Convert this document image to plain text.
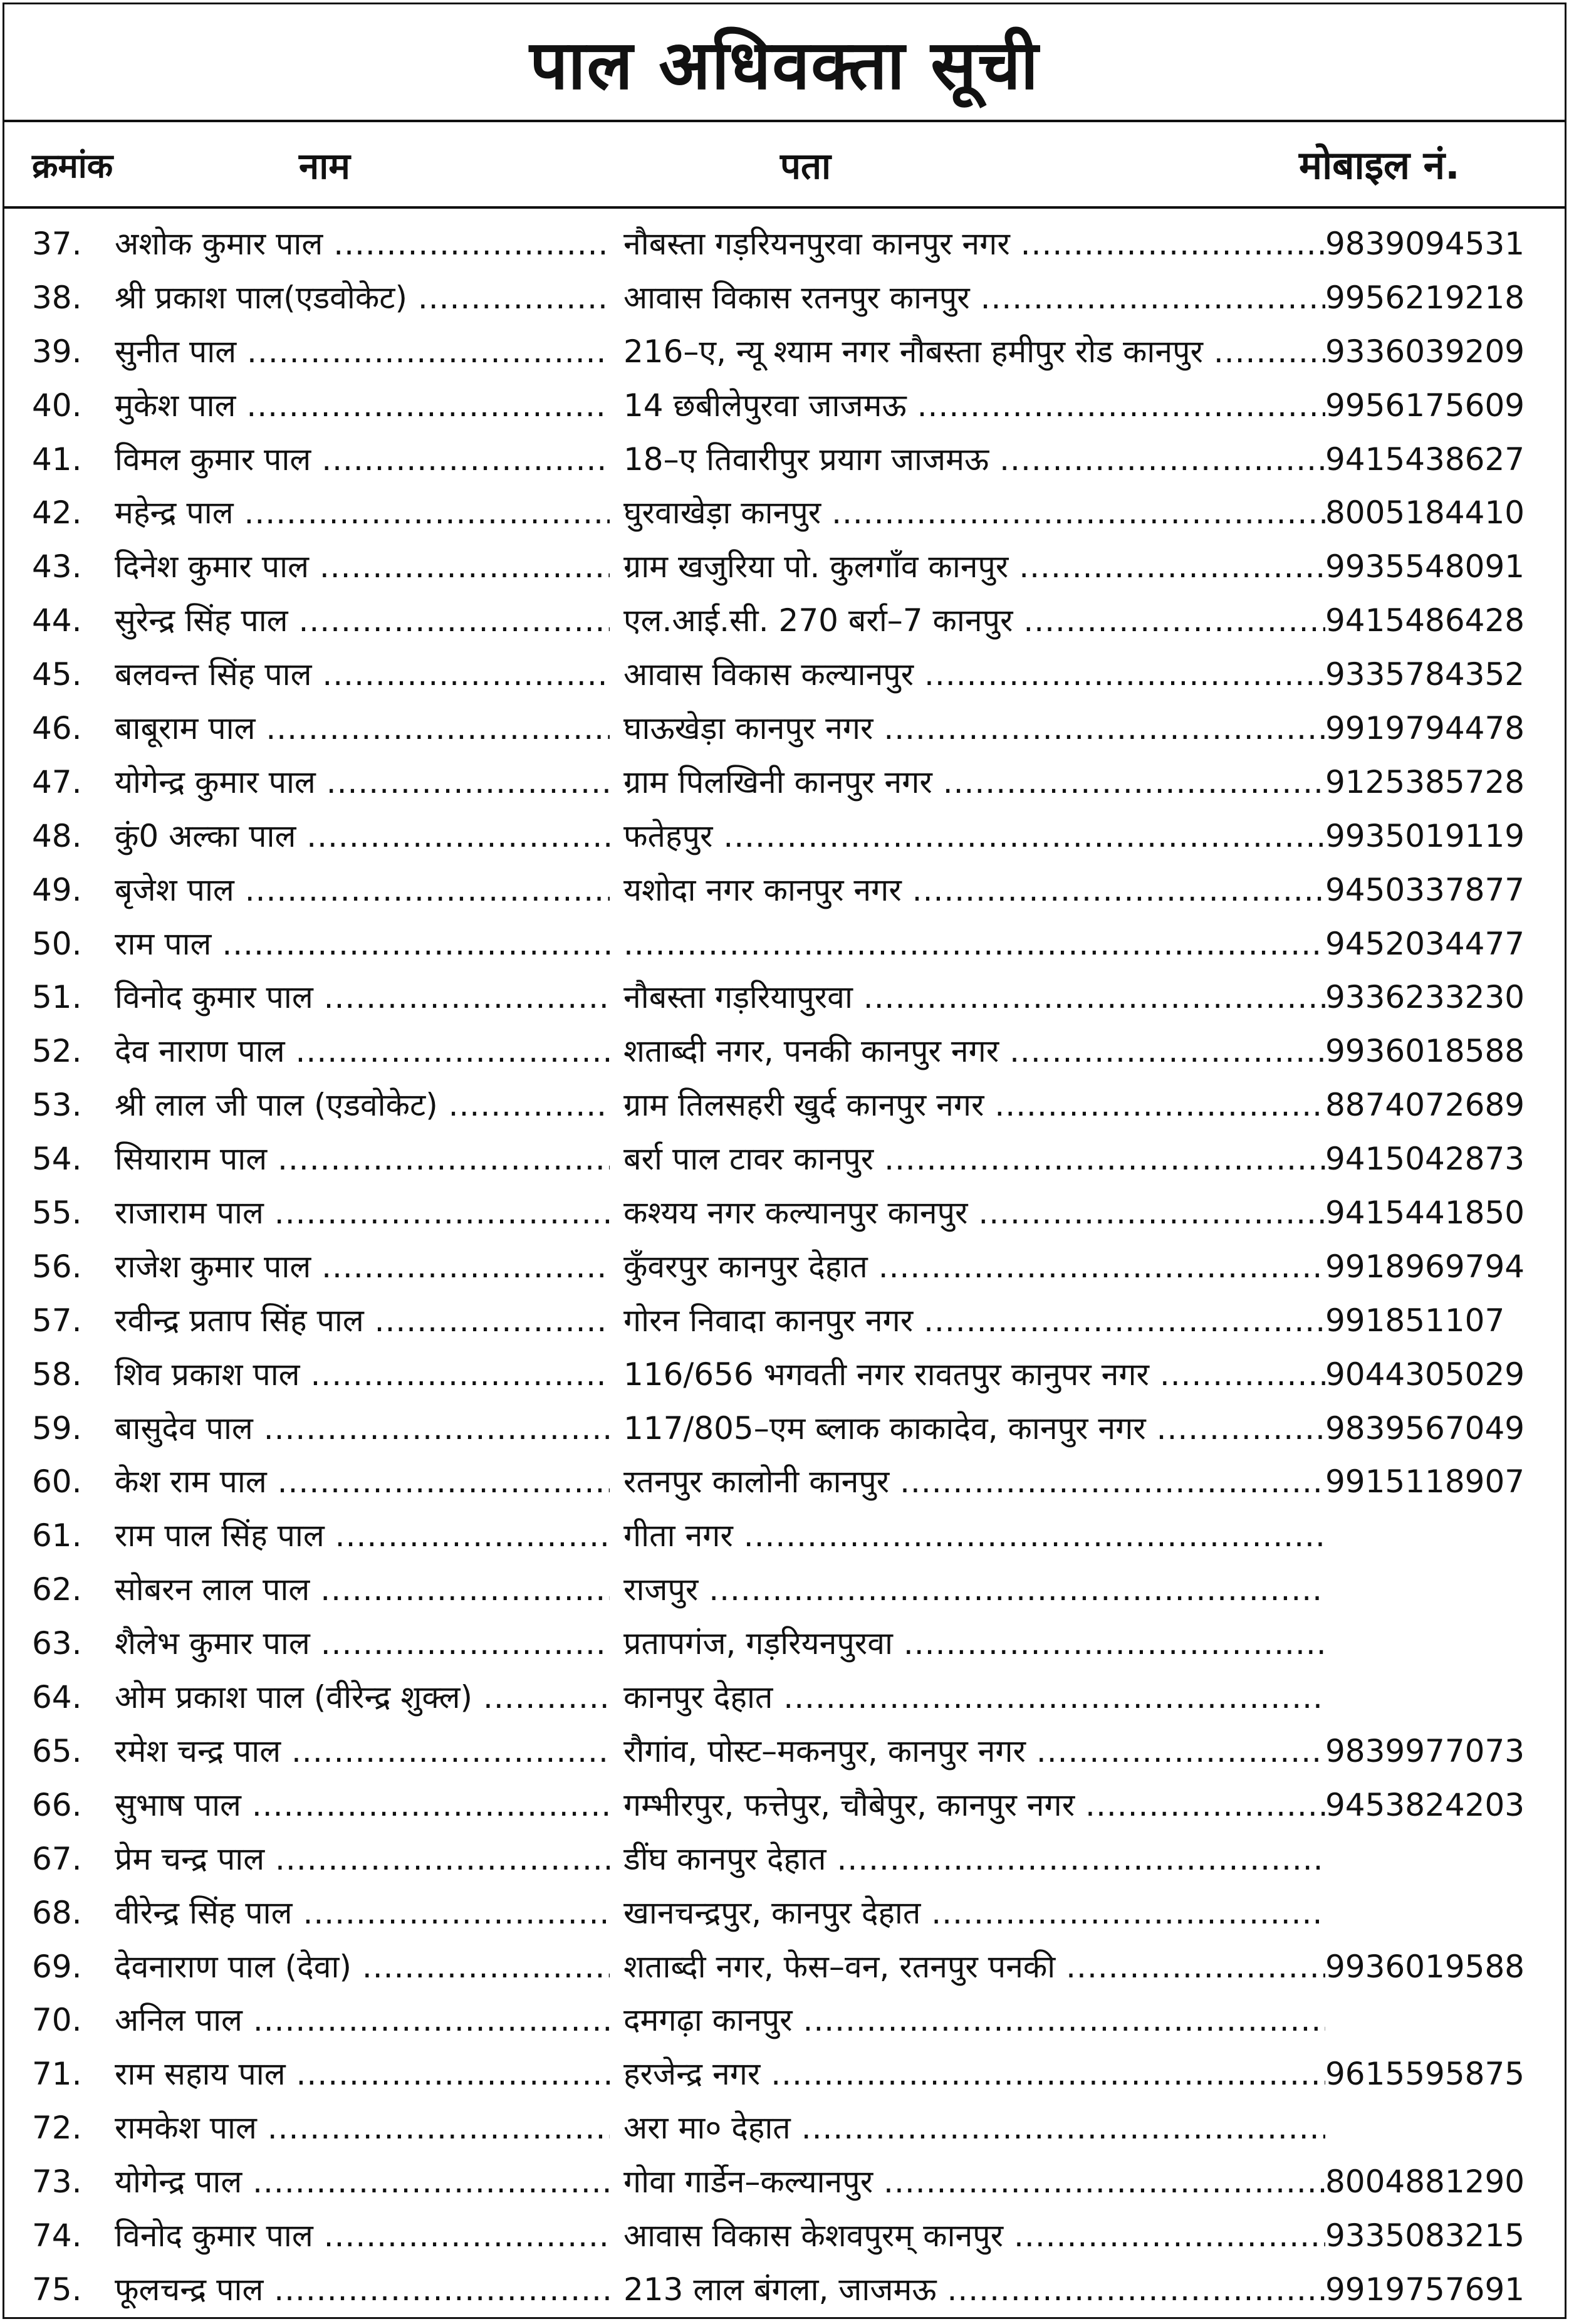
पाल अधिवक्ता सूची
क्रमांक	नाम	पता	मोबाइल नं.
37.	अशोक कुमार पाल .....	नौबस्ता गड़रियनपुरवा कानपुर नगर .....	9839094531
38.	श्री प्रकाश पाल(एडवोकेट) .....	आवास विकास रतनपुर कानपुर .....	9956219218
39.	सुनीत पाल .....	216–ए, न्यू श्याम नगर नौबस्ता हमीपुर रोड कानपुर .....	9336039209
40.	मुकेश पाल .....	14 छबीलेपुरवा जाजमऊ .....	9956175609
41.	विमल कुमार पाल .....	18–ए तिवारीपुर प्रयाग जाजमऊ .....	9415438627
42.	महेन्द्र पाल .....	घुरवाखेड़ा कानपुर .....	8005184410
43.	दिनेश कुमार पाल .....	ग्राम खजुरिया पो. कुलगाँव कानपुर .....	9935548091
44.	सुरेन्द्र सिंह पाल .....	एल.आई.सी. 270 बर्रा–7 कानपुर .....	9415486428
45.	बलवन्त सिंह पाल .....	आवास विकास कल्यानपुर .....	9335784352
46.	बाबूराम पाल .....	घाऊखेड़ा कानपुर नगर .....	9919794478
47.	योगेन्द्र कुमार पाल .....	ग्राम पिलखिनी कानपुर नगर .....	9125385728
48.	कुं0 अल्का पाल .....	फतेहपुर .....	9935019119
49.	बृजेश पाल .....	यशोदा नगर कानपुर नगर .....	9450337877
50.	राम पाल ..... .....	9452034477
51.	विनोद कुमार पाल .....	नौबस्ता गड़रियापुरवा .....	9336233230
52.	देव नाराण पाल .....	शताब्दी नगर, पनकी कानपुर नगर .....	9936018588
53.	श्री लाल जी पाल (एडवोकेट) .....	ग्राम तिलसहरी खुर्द कानपुर नगर .....	8874072689
54.	सियाराम पाल .....	बर्रा पाल टावर कानपुर .....	9415042873
55.	राजाराम पाल .....	कश्यय नगर कल्यानपुर कानपुर .....	9415441850
56.	राजेश कुमार पाल .....	कुँवरपुर कानपुर देहात .....	9918969794
57.	रवीन्द्र प्रताप सिंह पाल .....	गोरन निवादा कानपुर नगर .....	991851107
58.	शिव प्रकाश पाल .....	116/656 भगवती नगर रावतपुर कानुपर नगर .....	9044305029
59.	बासुदेव पाल .....	117/805–एम ब्लाक काकादेव, कानपुर नगर .....	9839567049
60.	केश राम पाल .....	रतनपुर कालोनी कानपुर .....	9915118907
61.	राम पाल सिंह पाल .....	गीता नगर .....
62.	सोबरन लाल पाल .....	राजपुर .....
63.	शैलेभ कुमार पाल .....	प्रतापगंज, गड़रियनपुरवा .....
64.	ओम प्रकाश पाल (वीरेन्द्र शुक्ल) .....	कानपुर देहात .....
65.	रमेश चन्द्र पाल .....	रौगांव, पोस्ट–मकनपुर, कानपुर नगर .....	9839977073
66.	सुभाष पाल .....	गम्भीरपुर, फत्तेपुर, चौबेपुर, कानपुर नगर .....	9453824203
67.	प्रेम चन्द्र पाल .....	डींघ कानपुर देहात .....
68.	वीरेन्द्र सिंह पाल .....	खानचन्द्रपुर, कानपुर देहात .....
69.	देवनाराण पाल (देवा) .....	शताब्दी नगर, फेस–वन, रतनपुर पनकी .....	9936019588
70.	अनिल पाल .....	दमगढ़ा कानपुर .....
71.	राम सहाय पाल .....	हरजेन्द्र नगर .....	9615595875
72.	रामकेश पाल .....	अरा मा० देहात .....
73.	योगेन्द्र पाल .....	गोवा गार्डेन–कल्यानपुर .....	8004881290
74.	विनोद कुमार पाल .....	आवास विकास केशवपुरम् कानपुर .....	9335083215
75.	फूलचन्द्र पाल .....	213 लाल बंगला, जाजमऊ .....	9919757691
